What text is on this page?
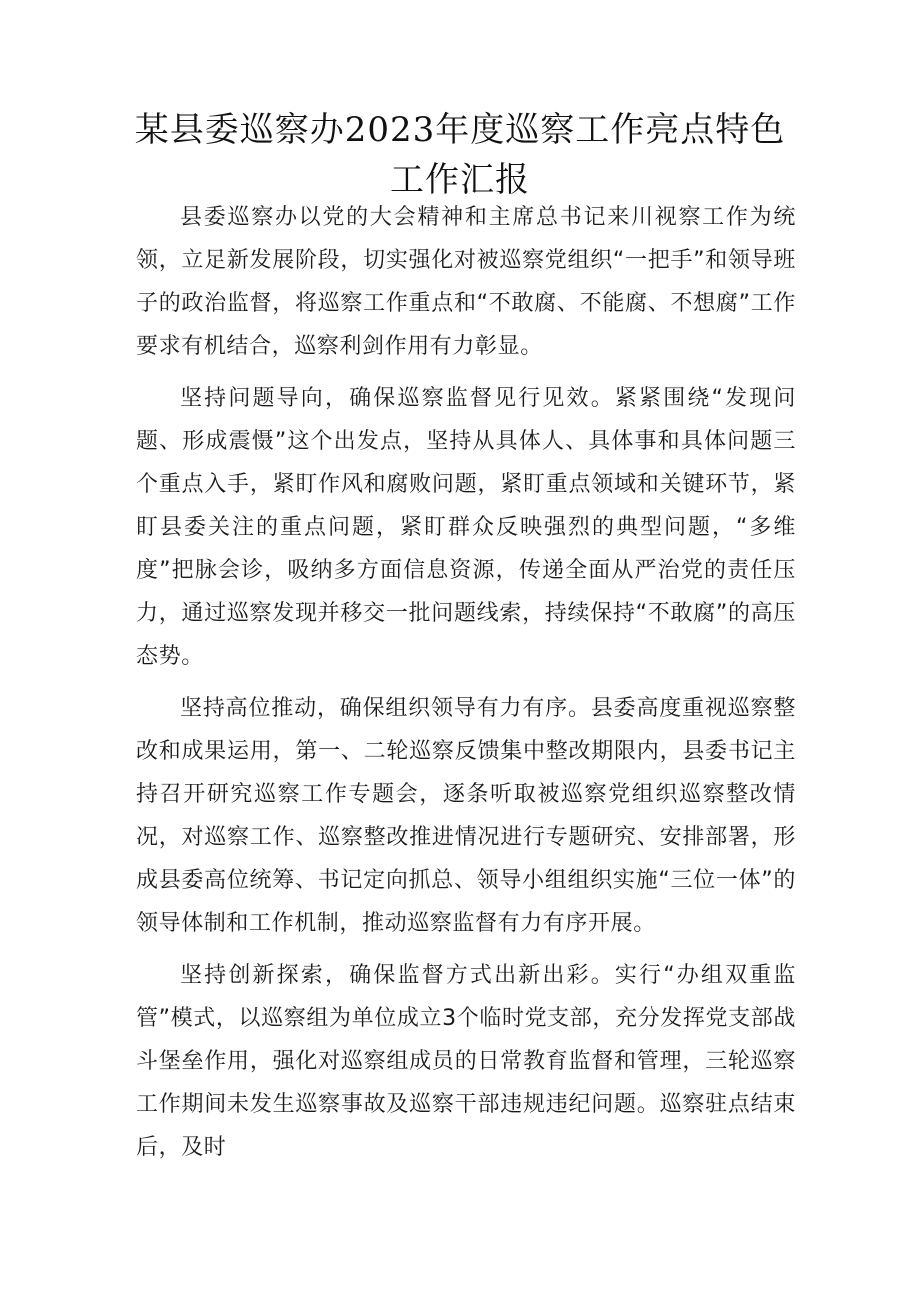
某县委巡察办2023年度巡察工作亮点特色
工作汇报

县委巡察办以党的大会精神和主席总书记来川视察工作为统领，立足新发展阶段，切实强化对被巡察党组织“一把手”和领导班子的政治监督，将巡察工作重点和“不敢腐、不能腐、不想腐”工作要求有机结合，巡察利剑作用有力彰显。

坚持问题导向，确保巡察监督见行见效。紧紧围绕“发现问题、形成震慑”这个出发点，坚持从具体人、具体事和具体问题三个重点入手，紧盯作风和腐败问题，紧盯重点领域和关键环节，紧盯县委关注的重点问题，紧盯群众反映强烈的典型问题，“多维度”把脉会诊，吸纳多方面信息资源，传递全面从严治党的责任压力，通过巡察发现并移交一批问题线索，持续保持“不敢腐”的高压态势。

坚持高位推动，确保组织领导有力有序。县委高度重视巡察整改和成果运用，第一、二轮巡察反馈集中整改期限内，县委书记主持召开研究巡察工作专题会，逐条听取被巡察党组织巡察整改情况，对巡察工作、巡察整改推进情况进行专题研究、安排部署，形成县委高位统筹、书记定向抓总、领导小组组织实施“三位一体”的领导体制和工作机制，推动巡察监督有力有序开展。

坚持创新探索，确保监督方式出新出彩。实行“办组双重监管”模式，以巡察组为单位成立3个临时党支部，充分发挥党支部战斗堡垒作用，强化对巡察组成员的日常教育监督和管理，三轮巡察工作期间未发生巡察事故及巡察干部违规违纪问题。巡察驻点结束后，及时
